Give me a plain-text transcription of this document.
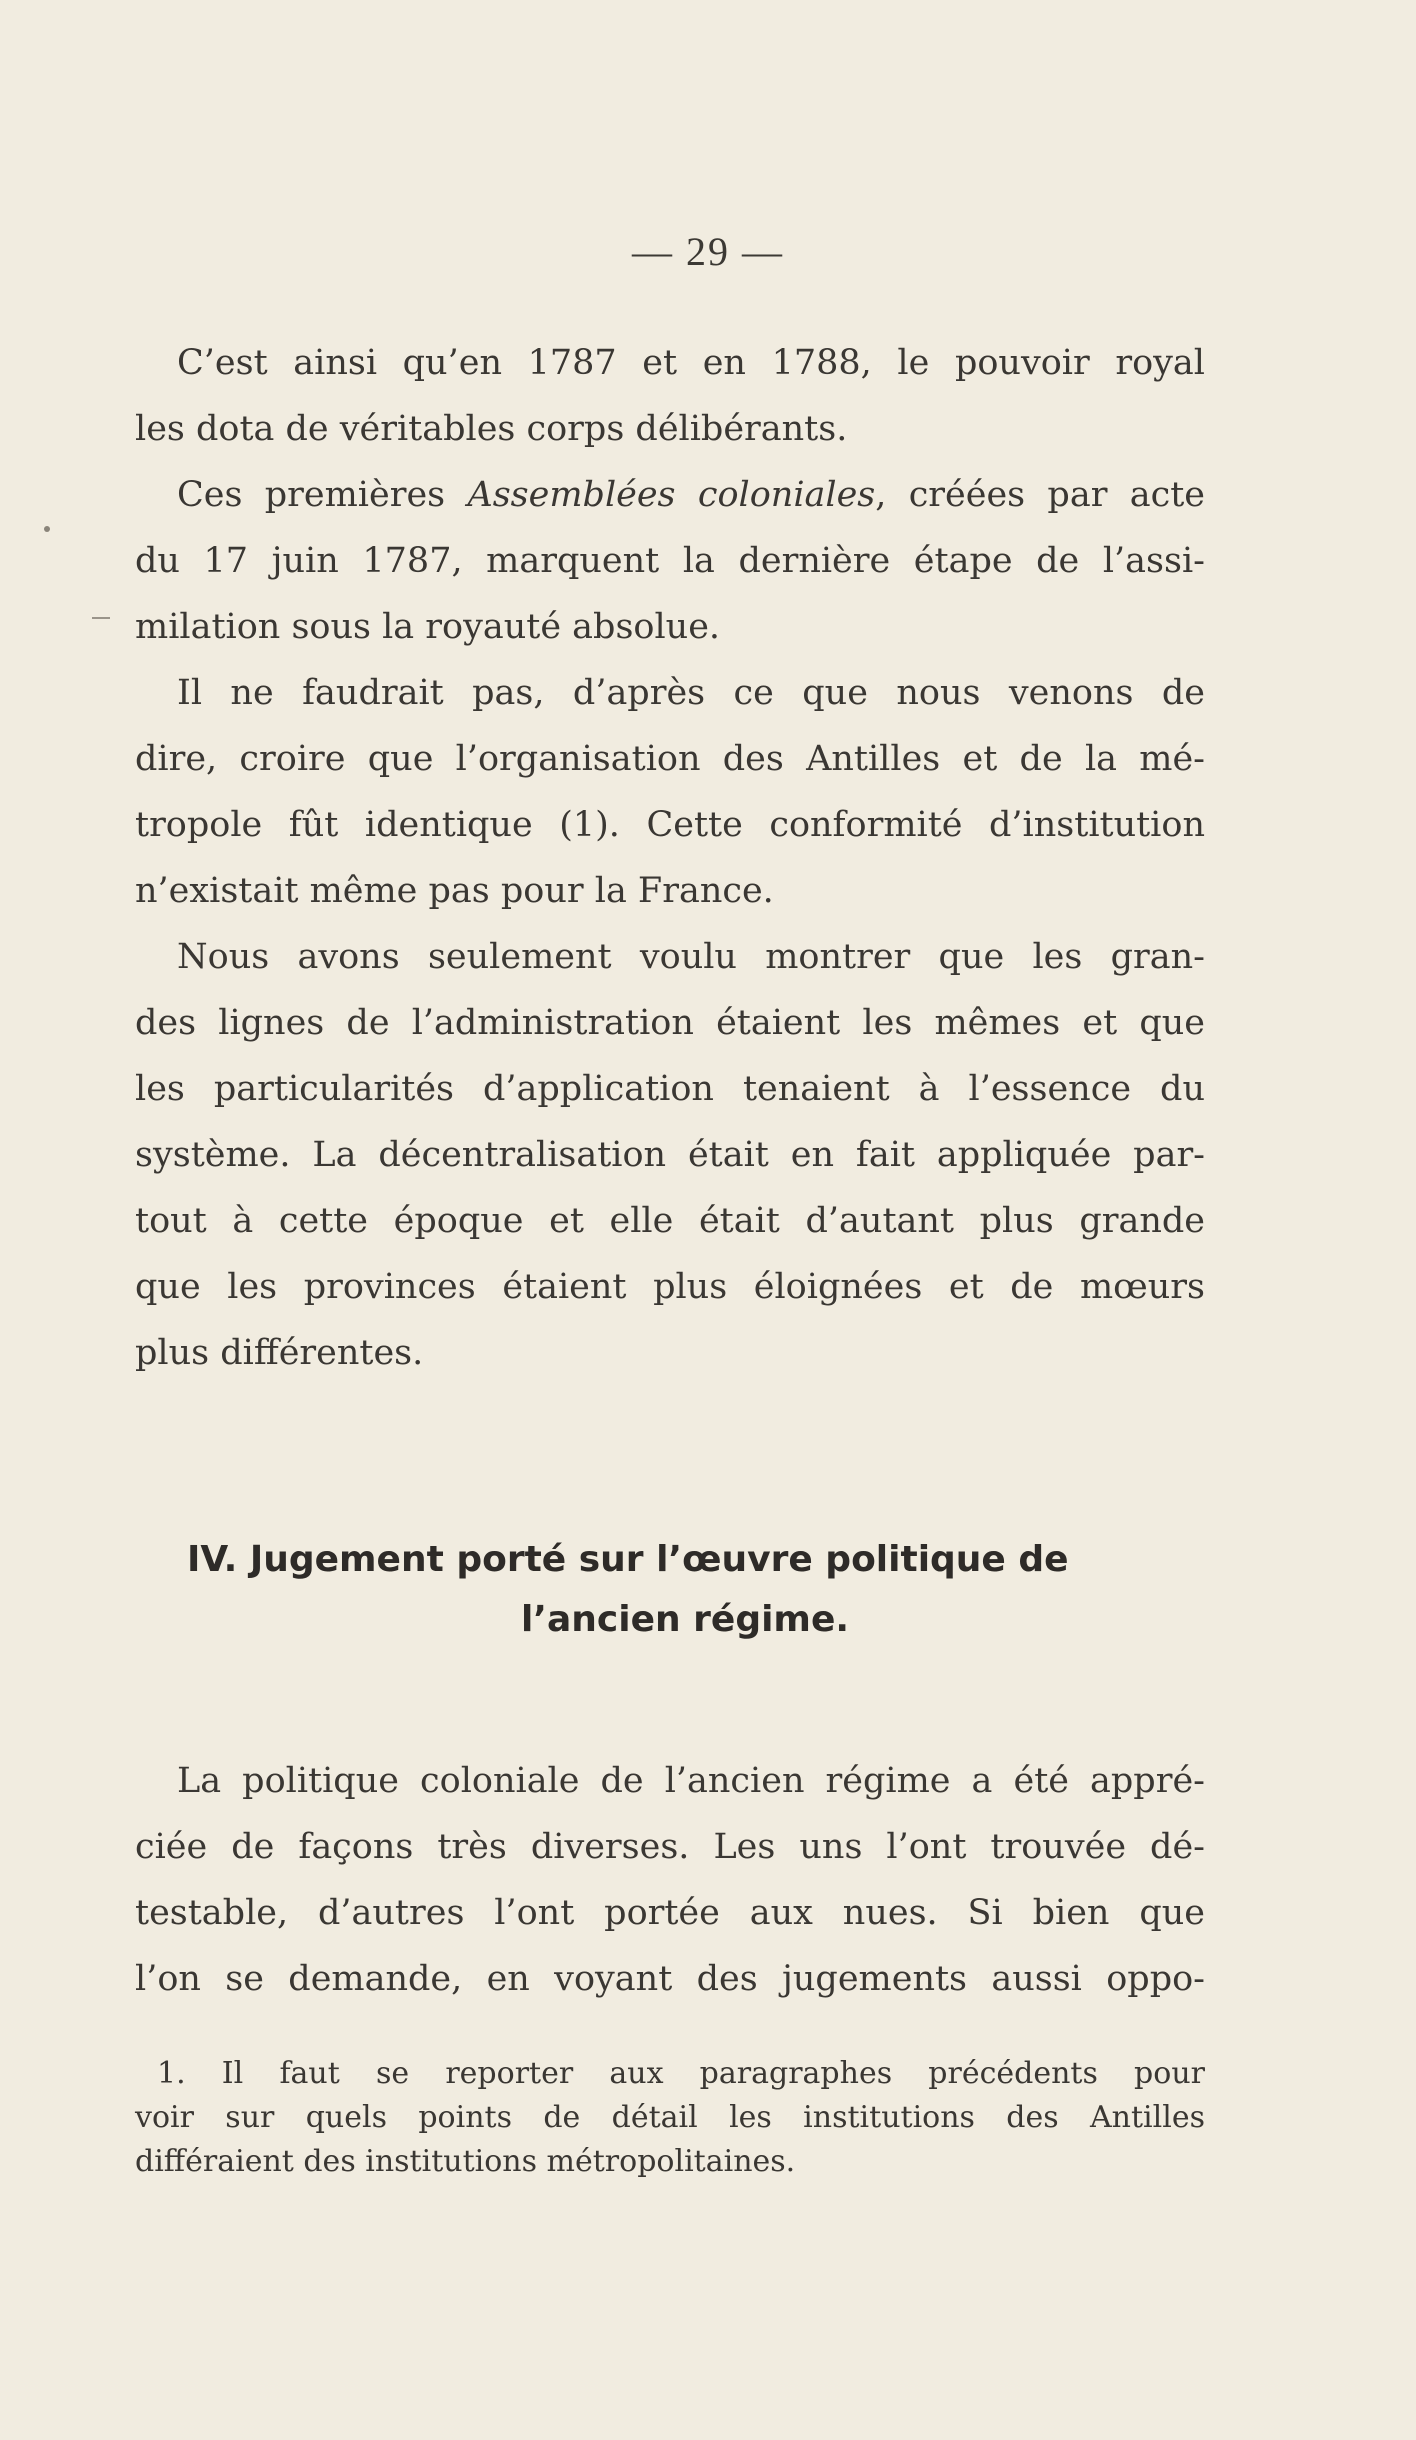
— 29 —
C’est ainsi qu’en 1787 et en 1788, le pouvoir royal
les dota de véritables corps délibérants.
Ces premières Assemblées coloniales, créées par acte
du 17 juin 1787, marquent la dernière étape de l’assi-
milation sous la royauté absolue.
Il ne faudrait pas, d’après ce que nous venons de
dire, croire que l’organisation des Antilles et de la mé-
tropole fût identique (1). Cette conformité d’institution
n’existait même pas pour la France.
Nous avons seulement voulu montrer que les gran-
des lignes de l’administration étaient les mêmes et que
les particularités d’application tenaient à l’essence du
système. La décentralisation était en fait appliquée par-
tout à cette époque et elle était d’autant plus grande
que les provinces étaient plus éloignées et de mœurs
plus différentes.
IV. Jugement porté sur l’œuvre politique de
l’ancien régime.
La politique coloniale de l’ancien régime a été appré-
ciée de façons très diverses. Les uns l’ont trouvée dé-
testable, d’autres l’ont portée aux nues. Si bien que
l’on se demande, en voyant des jugements aussi oppo-
1. Il faut se reporter aux paragraphes précédents pour
voir sur quels points de détail les institutions des Antilles
différaient des institutions métropolitaines.
